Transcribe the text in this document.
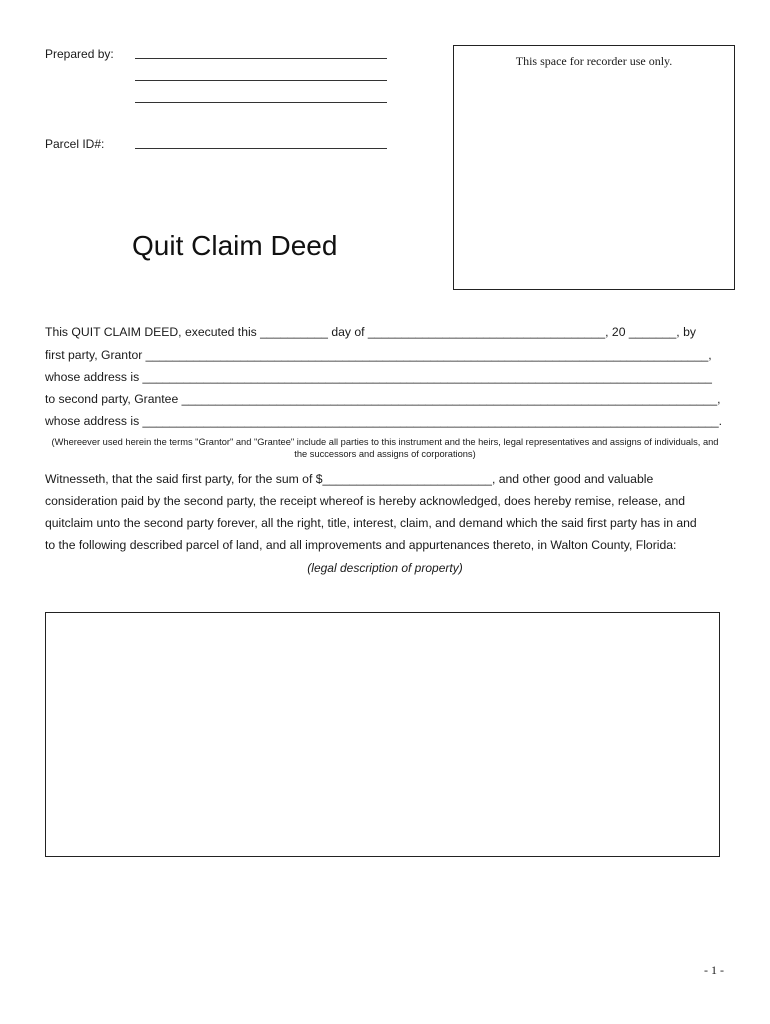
Prepared by:
Parcel ID#:
This space for recorder use only.
Quit Claim Deed
This QUIT CLAIM DEED, executed this __________ day of ___________________________________, 20 _______, by
first party, Grantor ___________________________________________________________________________________,
whose address is ____________________________________________________________________________________
to second party, Grantee _______________________________________________________________________________,
whose address is _____________________________________________________________________________________.
(Whereever used herein the terms "Grantor" and "Grantee" include all parties to this instrument and the heirs, legal representatives and assigns of individuals, and the successors and assigns of corporations)
Witnesseth, that the said first party, for the sum of $_________________________, and other good and valuable
consideration paid by the second party, the receipt whereof is hereby acknowledged, does hereby remise, release, and
quitclaim unto the second party forever, all the right, title, interest, claim, and demand which the said first party has in and
to the following described parcel of land, and all improvements and appurtenances thereto, in Walton County, Florida:
(legal description of property)
- 1 -
